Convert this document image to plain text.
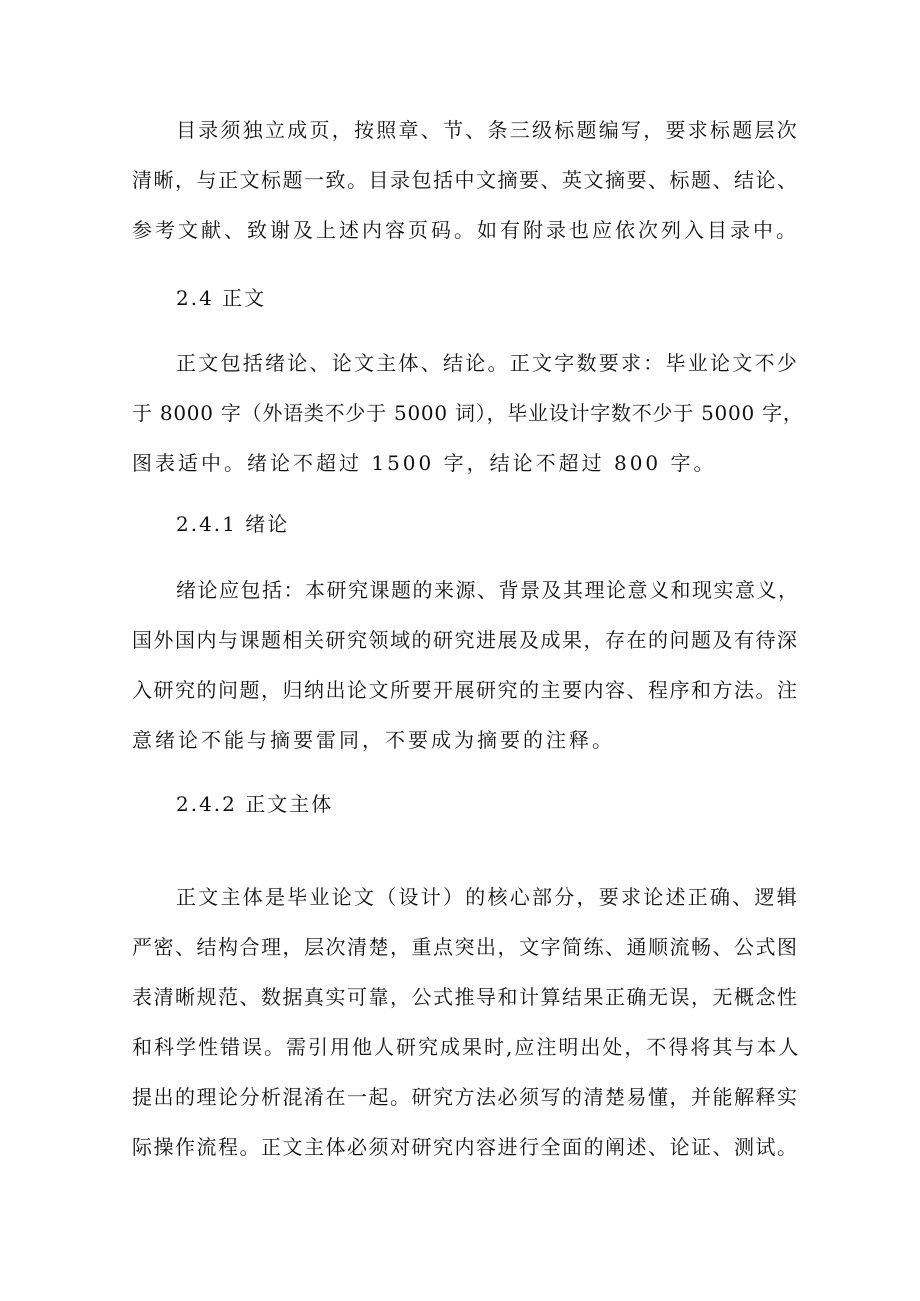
目录须独立成页，按照章、节、条三级标题编写，要求标题层次
清晰，与正文标题一致。目录包括中文摘要、英文摘要、标题、结论、
参考文献、致谢及上述内容页码。如有附录也应依次列入目录中。
2.4 正文
正文包括绪论、论文主体、结论。正文字数要求：毕业论文不少
于 8000 字（外语类不少于 5000 词），毕业设计字数不少于 5000 字，
图表适中。绪论不超过 1500 字，结论不超过 800 字。
2.4.1 绪论
绪论应包括：本研究课题的来源、背景及其理论意义和现实意义，
国外国内与课题相关研究领域的研究进展及成果，存在的问题及有待深
入研究的问题，归纳出论文所要开展研究的主要内容、程序和方法。注
意绪论不能与摘要雷同，不要成为摘要的注释。
2.4.2 正文主体
正文主体是毕业论文（设计）的核心部分，要求论述正确、逻辑
严密、结构合理，层次清楚，重点突出，文字简练、通顺流畅、公式图
表清晰规范、数据真实可靠，公式推导和计算结果正确无误，无概念性
和科学性错误。需引用他人研究成果时,应注明出处，不得将其与本人
提出的理论分析混淆在一起。研究方法必须写的清楚易懂，并能解释实
际操作流程。正文主体必须对研究内容进行全面的阐述、论证、测试。
